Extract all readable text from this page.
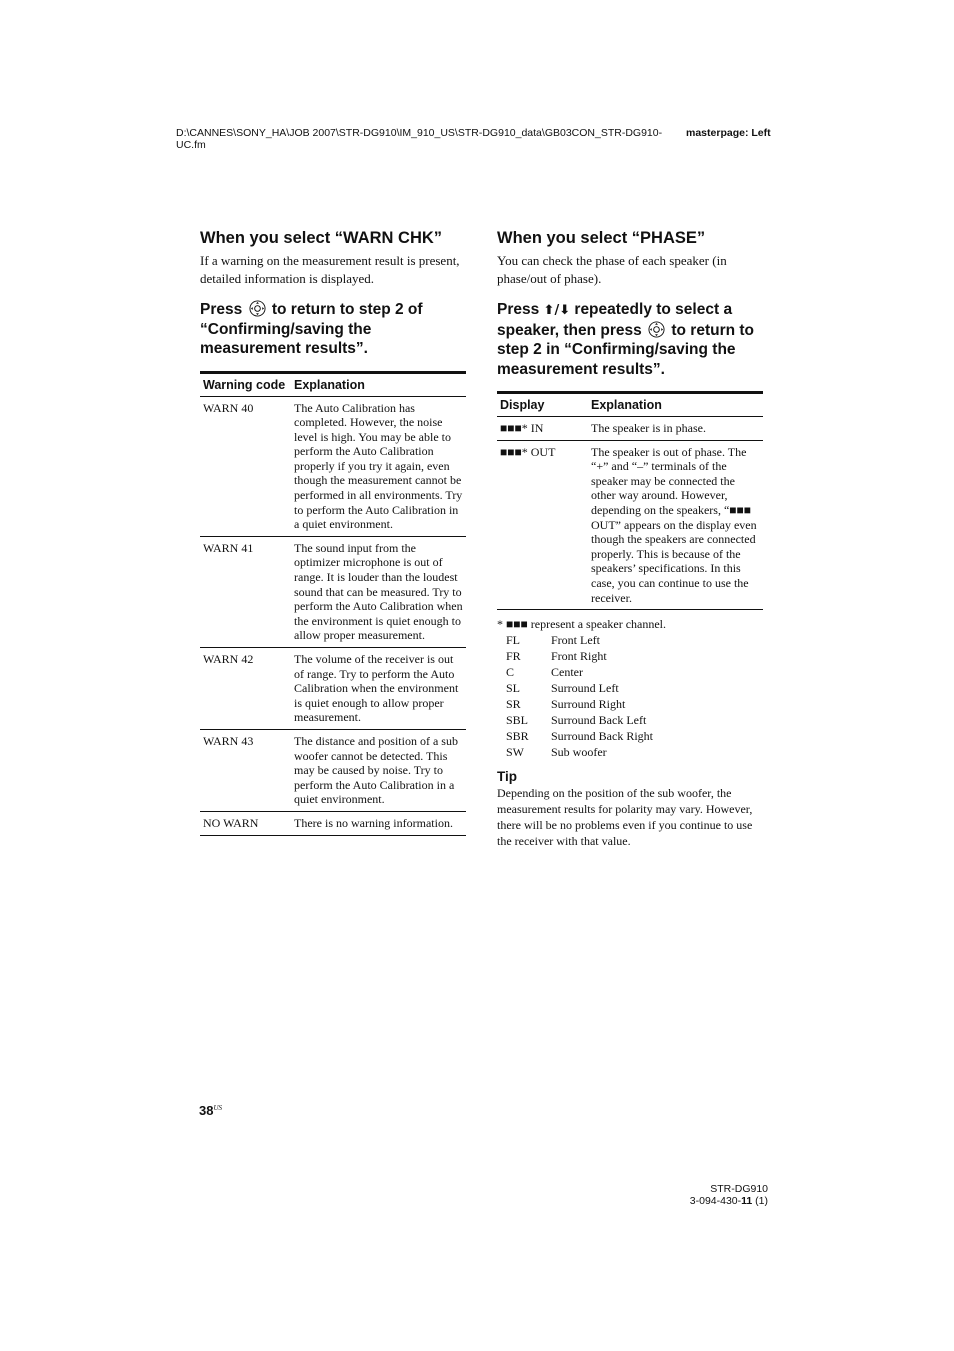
D:\CANNES\SONY_HA\JOB 2007\STR-DG910\IM_910_US\STR-DG910_data\GB03CON_STR-DG910-UC.fm
masterpage: Left
When you select “WARN CHK”

If a warning on the measurement result is present, detailed information is displayed.

Press to return to step 2 of “Confirming/saving the measurement results”.
Warning code	Explanation
WARN 40	The Auto Calibration has completed. However, the noise level is high. You may be able to perform the Auto Calibration properly if you try it again, even though the measurement cannot be performed in all environments. Try to perform the Auto Calibration in a quiet environment.
WARN 41	The sound input from the optimizer microphone is out of range. It is louder than the loudest sound that can be measured. Try to perform the Auto Calibration when the environment is quiet enough to allow proper measurement.
WARN 42	The volume of the receiver is out of range. Try to perform the Auto Calibration when the environment is quiet enough to allow proper measurement.
WARN 43	The distance and position of a sub woofer cannot be detected. This may be caused by noise. Try to perform the Auto Calibration in a quiet environment.
NO WARN	There is no warning information.
When you select “PHASE”

You can check the phase of each speaker (in phase/out of phase).

Press ⬆/⬇ repeatedly to select a speaker, then press to return to step 2 in “Confirming/saving the measurement results”.
Display	Explanation
■■■* IN	The speaker is in phase.
■■■* OUT	The speaker is out of phase. The “+” and “–” terminals of the speaker may be connected the other way around. However, depending on the speakers, “■■■ OUT” appears on the display even though the speakers are connected properly. This is because of the speakers’ specifications. In this case, you can continue to use the receiver.
* ■■■ represent a speaker channel.
FL	Front Left
FR	Front Right
C	Center
SL	Surround Left
SR	Surround Right
SBL	Surround Back Left
SBR	Surround Back Right
SW	Sub woofer
Tip

Depending on the position of the sub woofer, the measurement results for polarity may vary. However, there will be no problems even if you continue to use the receiver with that value.

$38^{US}$
STR-DG910
3-094-430-11 (1)
